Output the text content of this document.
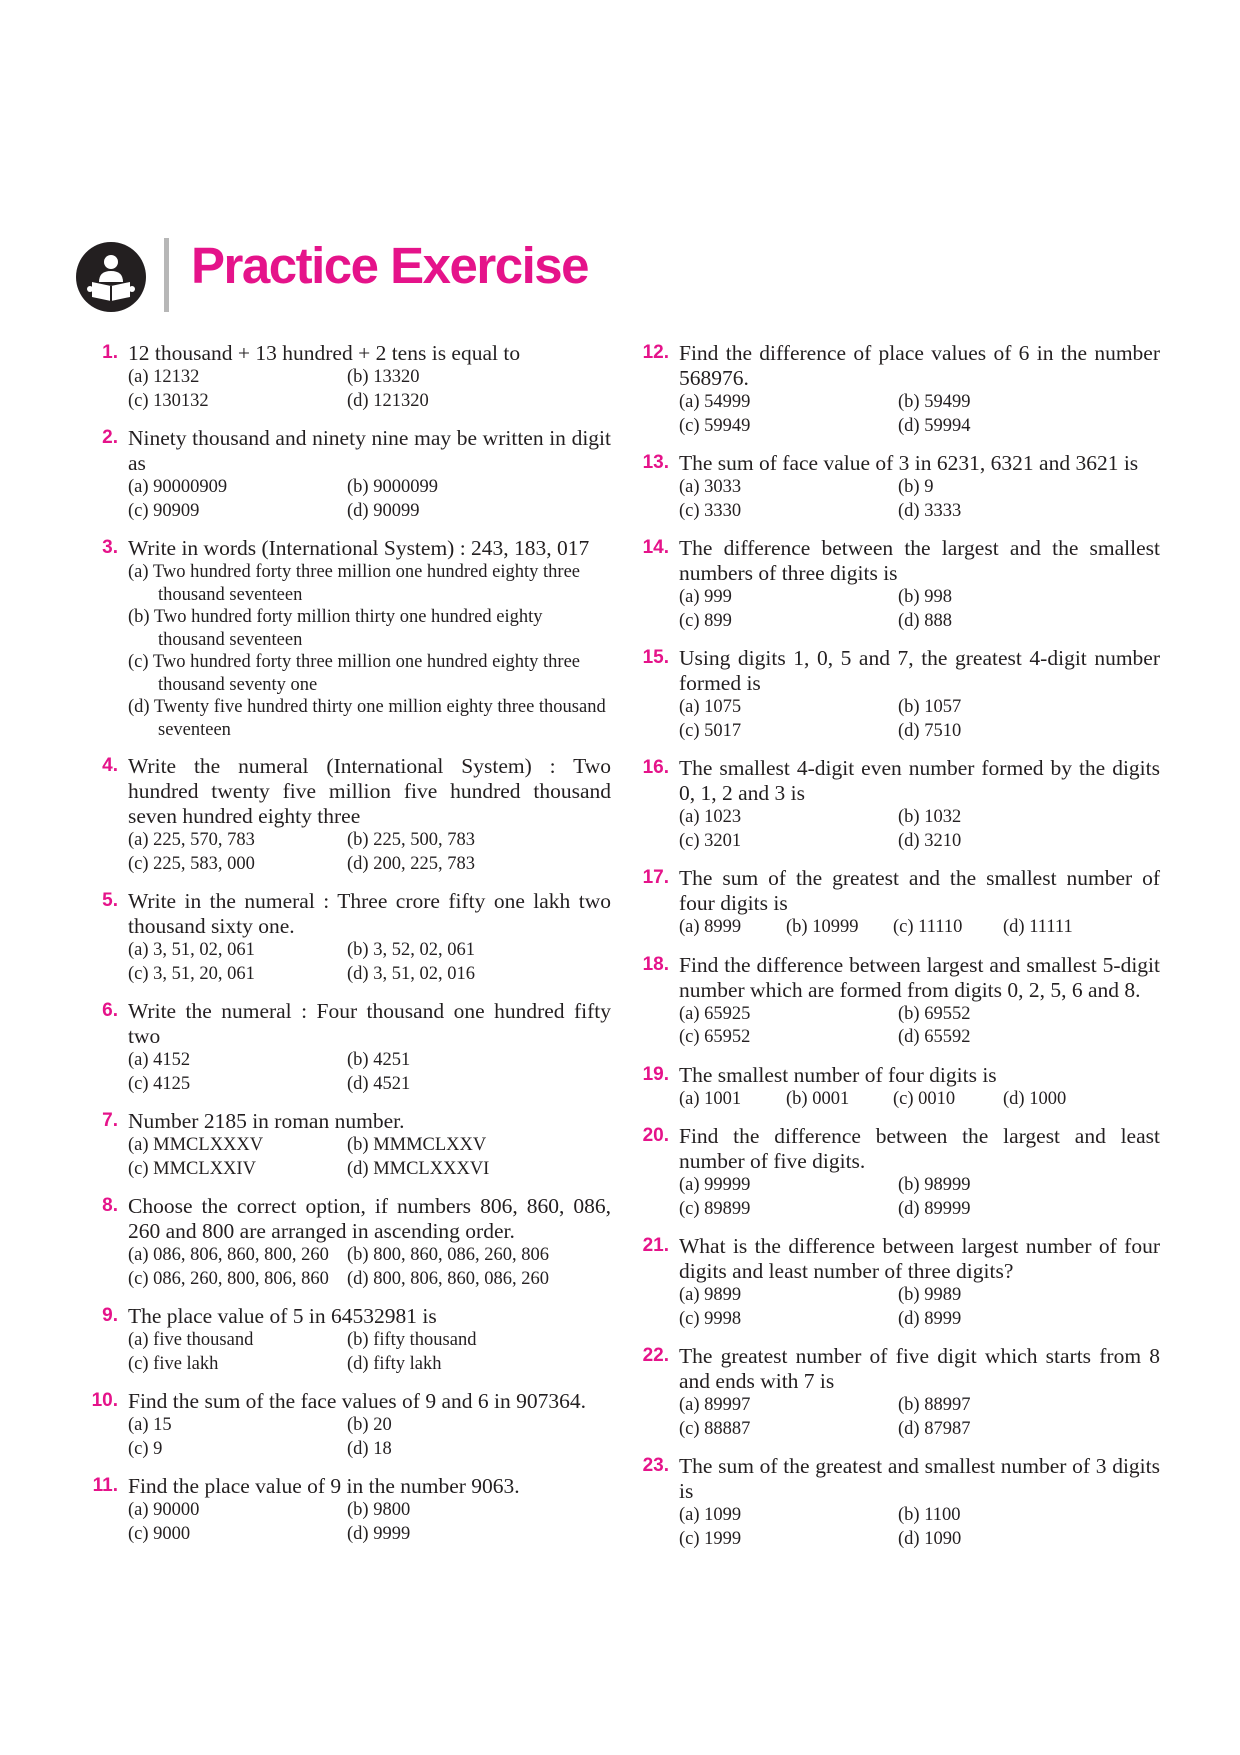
Practice Exercise
1. 12 thousand + 13 hundred + 2 tens is equal to
(a) 12132	(b) 13320
(c) 130132	(d) 121320
2. Ninety thousand and ninety nine may be written in digit as
(a) 90000909	(b) 9000099
(c) 90909	(d) 90099
3. Write in words (International System) : 243, 183, 017
(a) Two hundred forty three million one hundred eighty three thousand seventeen
(b) Two hundred forty million thirty one hundred eighty thousand seventeen
(c) Two hundred forty three million one hundred eighty three thousand seventy one
(d) Twenty five hundred thirty one million eighty three thousand seventeen
4. Write the numeral (International System) : Two hundred twenty five million five hundred thousand seven hundred eighty three
(a) 225, 570, 783	(b) 225, 500, 783
(c) 225, 583, 000	(d) 200, 225, 783
5. Write in the numeral : Three crore fifty one lakh two thousand sixty one.
(a) 3, 51, 02, 061	(b) 3, 52, 02, 061
(c) 3, 51, 20, 061	(d) 3, 51, 02, 016
6. Write the numeral : Four thousand one hundred fifty two
(a) 4152	(b) 4251
(c) 4125	(d) 4521
7. Number 2185 in roman number.
(a) MMCLXXXV	(b) MMMCLXXV
(c) MMCLXXIV	(d) MMCLXXXVI
8. Choose the correct option, if numbers 806, 860, 086, 260 and 800 are arranged in ascending order.
(a) 086, 806, 860, 800, 260 (b) 800, 860, 086, 260, 806
(c) 086, 260, 800, 806, 860 (d) 800, 806, 860, 086, 260
9. The place value of 5 in 64532981 is
(a) five thousand	(b) fifty thousand
(c) five lakh	(d) fifty lakh
10. Find the sum of the face values of 9 and 6 in 907364.
(a) 15	(b) 20
(c) 9	(d) 18
11. Find the place value of 9 in the number 9063.
(a) 90000	(b) 9800
(c) 9000	(d) 9999
12. Find the difference of place values of 6 in the number 568976.
(a) 54999	(b) 59499
(c) 59949	(d) 59994
13. The sum of face value of 3 in 6231, 6321 and 3621 is
(a) 3033	(b) 9
(c) 3330	(d) 3333
14. The difference between the largest and the smallest numbers of three digits is
(a) 999	(b) 998
(c) 899	(d) 888
15. Using digits 1, 0, 5 and 7, the greatest 4-digit number formed is
(a) 1075	(b) 1057
(c) 5017	(d) 7510
16. The smallest 4-digit even number formed by the digits 0, 1, 2 and 3 is
(a) 1023	(b) 1032
(c) 3201	(d) 3210
17. The sum of the greatest and the smallest number of four digits is
(a) 8999	(b) 10999	(c) 11110	(d) 11111
18. Find the difference between largest and smallest 5-digit number which are formed from digits 0, 2, 5, 6 and 8.
(a) 65925	(b) 69552
(c) 65952	(d) 65592
19. The smallest number of four digits is
(a) 1001	(b) 0001	(c) 0010	(d) 1000
20. Find the difference between the largest and least number of five digits.
(a) 99999	(b) 98999
(c) 89899	(d) 89999
21. What is the difference between largest number of four digits and least number of three digits?
(a) 9899	(b) 9989
(c) 9998	(d) 8999
22. The greatest number of five digit which starts from 8 and ends with 7 is
(a) 89997	(b) 88997
(c) 88887	(d) 87987
23. The sum of the greatest and smallest number of 3 digits is
(a) 1099	(b) 1100
(c) 1999	(d) 1090
